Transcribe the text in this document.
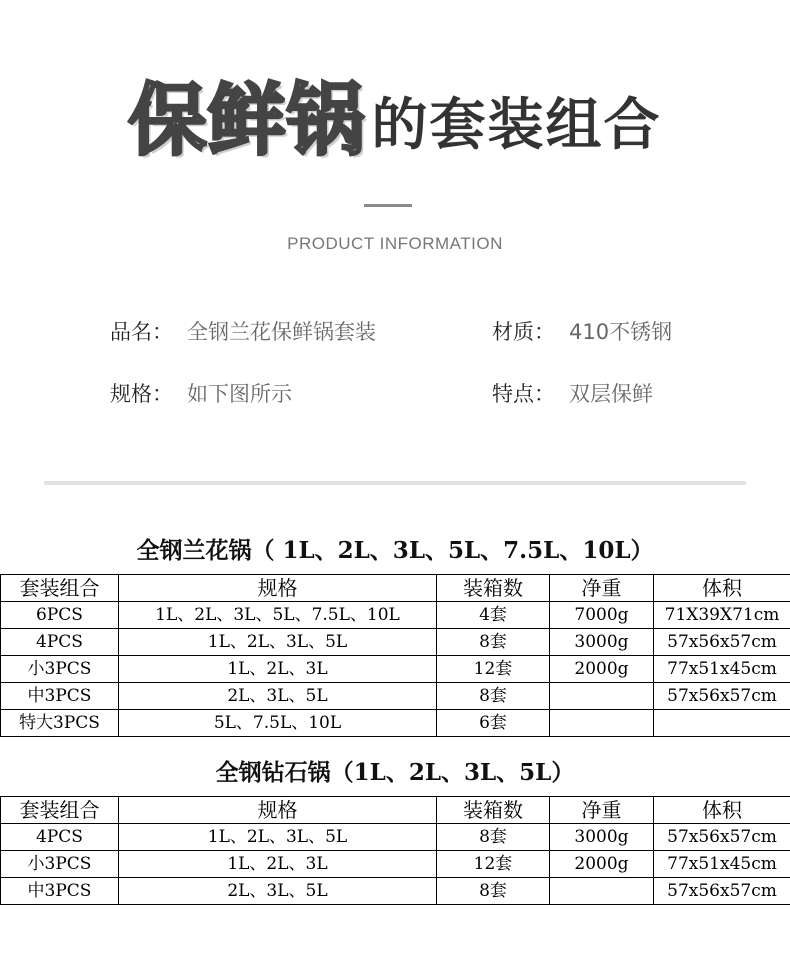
保鲜锅 的套装组合
PRODUCT INFORMATION
品名： 全钢兰花保鲜锅套装	材质： 410不锈钢
规格： 如下图所示	特点： 双层保鲜
全钢兰花锅（ 1L、2L、3L、5L、7.5L、10L）
套装组合	规格	装箱数	净重	体积
6PCS	1L、2L、3L、5L、7.5L、10L	4套	7000g	71X39X71cm
4PCS	1L、2L、3L、5L	8套	3000g	57x56x57cm
小3PCS	1L、2L、3L	12套	2000g	77x51x45cm
中3PCS	2L、3L、5L	8套		57x56x57cm
特大3PCS	5L、7.5L、10L	6套		
全钢钻石锅（1L、2L、3L、5L）
套装组合	规格	装箱数	净重	体积
4PCS	1L、2L、3L、5L	8套	3000g	57x56x57cm
小3PCS	1L、2L、3L	12套	2000g	77x51x45cm
中3PCS	2L、3L、5L	8套		57x56x57cm
